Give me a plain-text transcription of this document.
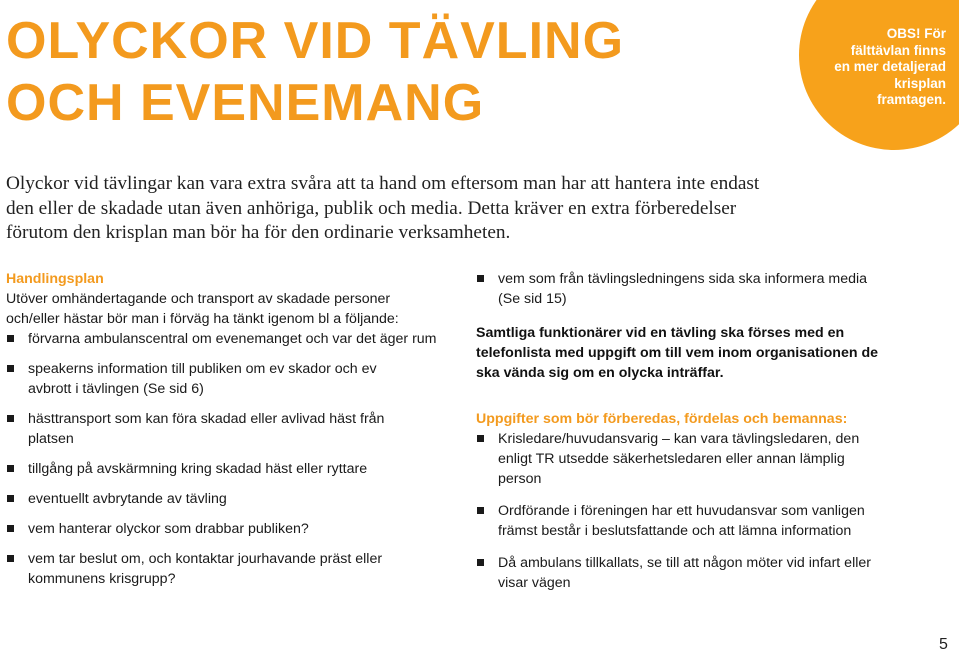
OLYCKOR VID TÄVLING
OCH EVENEMANG
OBS! För
fälttävlan finns
en mer detaljerad
krisplan
framtagen.

Olyckor vid tävlingar kan vara extra svåra att ta hand om eftersom man har att hantera inte endast
den eller de skadade utan även anhöriga, publik och media. Detta kräver en extra förberedelser
förutom den krisplan man bör ha för den ordinarie verksamheten.

Handlingsplan

Utöver omhändertagande och transport av skadade personer
och/eller hästar bör man i förväg ha tänkt igenom bl a följande:

förvarna ambulanscentral om evenemanget och var det äger rum
speakerns information till publiken om ev skador och ev
avbrott i tävlingen (Se sid 6)
hästtransport som kan föra skadad eller avlivad häst från
platsen
tillgång på avskärmning kring skadad häst eller ryttare
eventuellt avbrytande av tävling
vem hanterar olyckor som drabbar publiken?
vem tar beslut om, och kontaktar jourhavande präst eller
kommunens krisgrupp?
vem som från tävlingsledningens sida ska informera media
(Se sid 15)

Samtliga funktionärer vid en tävling ska förses med en
telefonlista med uppgift om till vem inom organisationen de
ska vända sig om en olycka inträffar.

Uppgifter som bör förberedas, fördelas och bemannas:

Krisledare/huvudansvarig – kan vara tävlingsledaren, den
enligt TR utsedde säkerhetsledaren eller annan lämplig
person
Ordförande i föreningen har ett huvudansvar som vanligen
främst består i beslutsfattande och att lämna information
Då ambulans tillkallats, se till att någon möter vid infart eller
visar vägen
5
